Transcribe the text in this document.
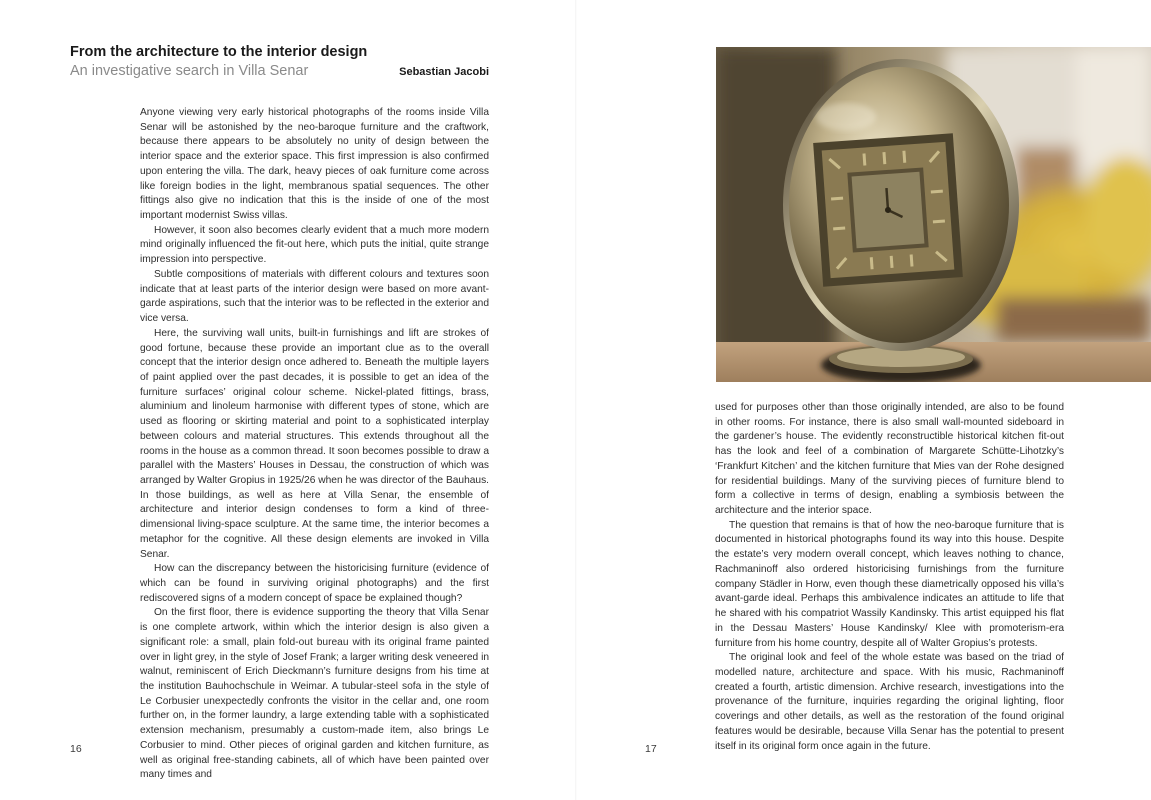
From the architecture to the interior design
An investigative search in Villa Senar	Sebastian Jacobi

Anyone viewing very early historical photographs of the rooms inside Villa Senar will be astonished by the neo-baroque furniture and the craftwork, because there appears to be absolutely no unity of design between the interior space and the exterior space. This first impression is also confirmed upon entering the villa. The dark, heavy pieces of oak furniture come across like foreign bodies in the light, membranous spatial sequences. The other fittings also give no indication that this is the inside of one of the most important modernist Swiss villas.

However, it soon also becomes clearly evident that a much more modern mind originally influenced the fit-out here, which puts the initial, quite strange impression into perspective.

Subtle compositions of materials with different colours and textures soon indicate that at least parts of the interior design were based on more avant-garde aspirations, such that the interior was to be reflected in the exterior and vice versa.

Here, the surviving wall units, built-in furnishings and lift are strokes of good fortune, because these provide an important clue as to the overall concept that the interior design once adhered to. Beneath the multiple layers of paint applied over the past decades, it is possible to get an idea of the furniture surfaces’ original colour scheme. Nickel-plated fittings, brass, aluminium and linoleum harmonise with different types of stone, which are used as flooring or skirting material and point to a sophisticated interplay between colours and material structures. This extends throughout all the rooms in the house as a common thread. It soon becomes possible to draw a parallel with the Masters’ Houses in Dessau, the construction of which was arranged by Walter Gropius in 1925/26 when he was director of the Bauhaus. In those buildings, as well as here at Villa Senar, the ensemble of architecture and interior design condenses to form a kind of three-dimensional living-space sculpture. At the same time, the interior becomes a metaphor for the cognitive. All these design elements are invoked in Villa Senar.

How can the discrepancy between the historicising furniture (evidence of which can be found in surviving original photographs) and the first rediscovered signs of a modern concept of space be explained though?

On the first floor, there is evidence supporting the theory that Villa Senar is one complete artwork, within which the interior design is also given a significant role: a small, plain fold-out bureau with its original frame painted over in light grey, in the style of Josef Frank; a larger writing desk veneered in walnut, reminiscent of Erich Dieckmann’s furniture designs from his time at the institution Bauhochschule in Weimar. A tubular-steel sofa in the style of Le Corbusier unexpectedly confronts the visitor in the cellar and, one room further on, in the former laundry, a large extending table with a sophisticated extension mechanism, presumably a custom-made item, also brings Le Corbusier to mind. Other pieces of original garden and kitchen furniture, as well as original free-standing cabinets, all of which have been painted over many times and

16

used for purposes other than those originally intended, are also to be found in other rooms. For instance, there is also small wall-mounted sideboard in the gardener’s house. The evidently reconstructible historical kitchen fit-out has the look and feel of a combination of Margarete Schütte-Lihotzky’s ‘Frankfurt Kitchen’ and the kitchen furniture that Mies van der Rohe designed for residential buildings. Many of the surviving pieces of furniture blend to form a collective in terms of design, enabling a symbiosis between the architecture and the interior space.

The question that remains is that of how the neo-baroque furniture that is documented in historical photographs found its way into this house. Despite the estate’s very modern overall concept, which leaves nothing to chance, Rachmaninoff also ordered historicising furnishings from the furniture company Städler in Horw, even though these diametrically opposed his villa’s avant-garde ideal. Perhaps this ambivalence indicates an attitude to life that he shared with his compatriot Wassily Kandinsky. This artist equipped his flat in the Dessau Masters’ House Kandinsky/ Klee with promoterism-era furniture from his home country, despite all of Walter Gropius’s protests.

The original look and feel of the whole estate was based on the triad of modelled nature, architecture and space. With his music, Rachmaninoff created a fourth, artistic dimension. Archive research, investigations into the provenance of the furniture, inquiries regarding the original lighting, floor coverings and other details, as well as the restoration of the found original features would be desirable, because Villa Senar has the potential to present itself in its original form once again in the future.

17
